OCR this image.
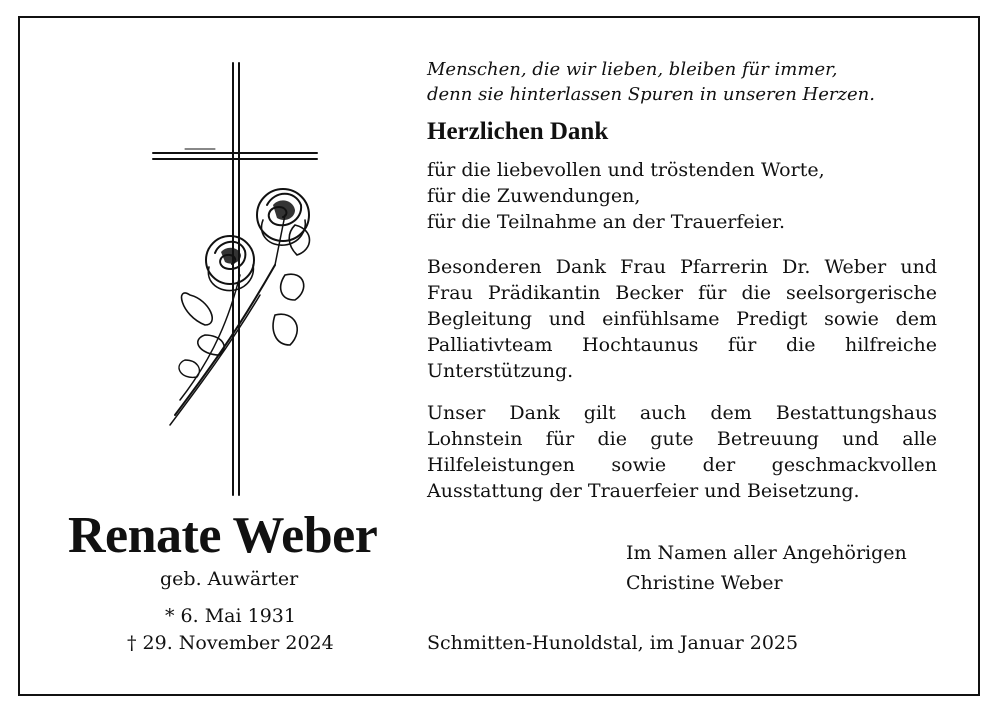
Renate Weber
geb. Auwärter
* 6. Mai 1931
† 29. November 2024
Menschen, die wir lieben, bleiben für immer,
denn sie hinterlassen Spuren in unseren Herzen.
Herzlichen Dank
für die liebevollen und tröstenden Worte,
für die Zuwendungen,
für die Teilnahme an der Trauerfeier.
Besonderen Dank Frau Pfarrerin Dr. Weber und Frau Prädikantin Becker für die seelsorgerische Begleitung und einfühlsame Predigt sowie dem Palliativteam Hochtaunus für die hilfreiche Unterstützung.
Unser Dank gilt auch dem Bestattungshaus Lohnstein für die gute Betreuung und alle Hilfeleistungen sowie der geschmackvollen Ausstattung der Trauerfeier und Beisetzung.
Im Namen aller Angehörigen
Christine Weber
Schmitten-Hunoldstal, im Januar 2025
